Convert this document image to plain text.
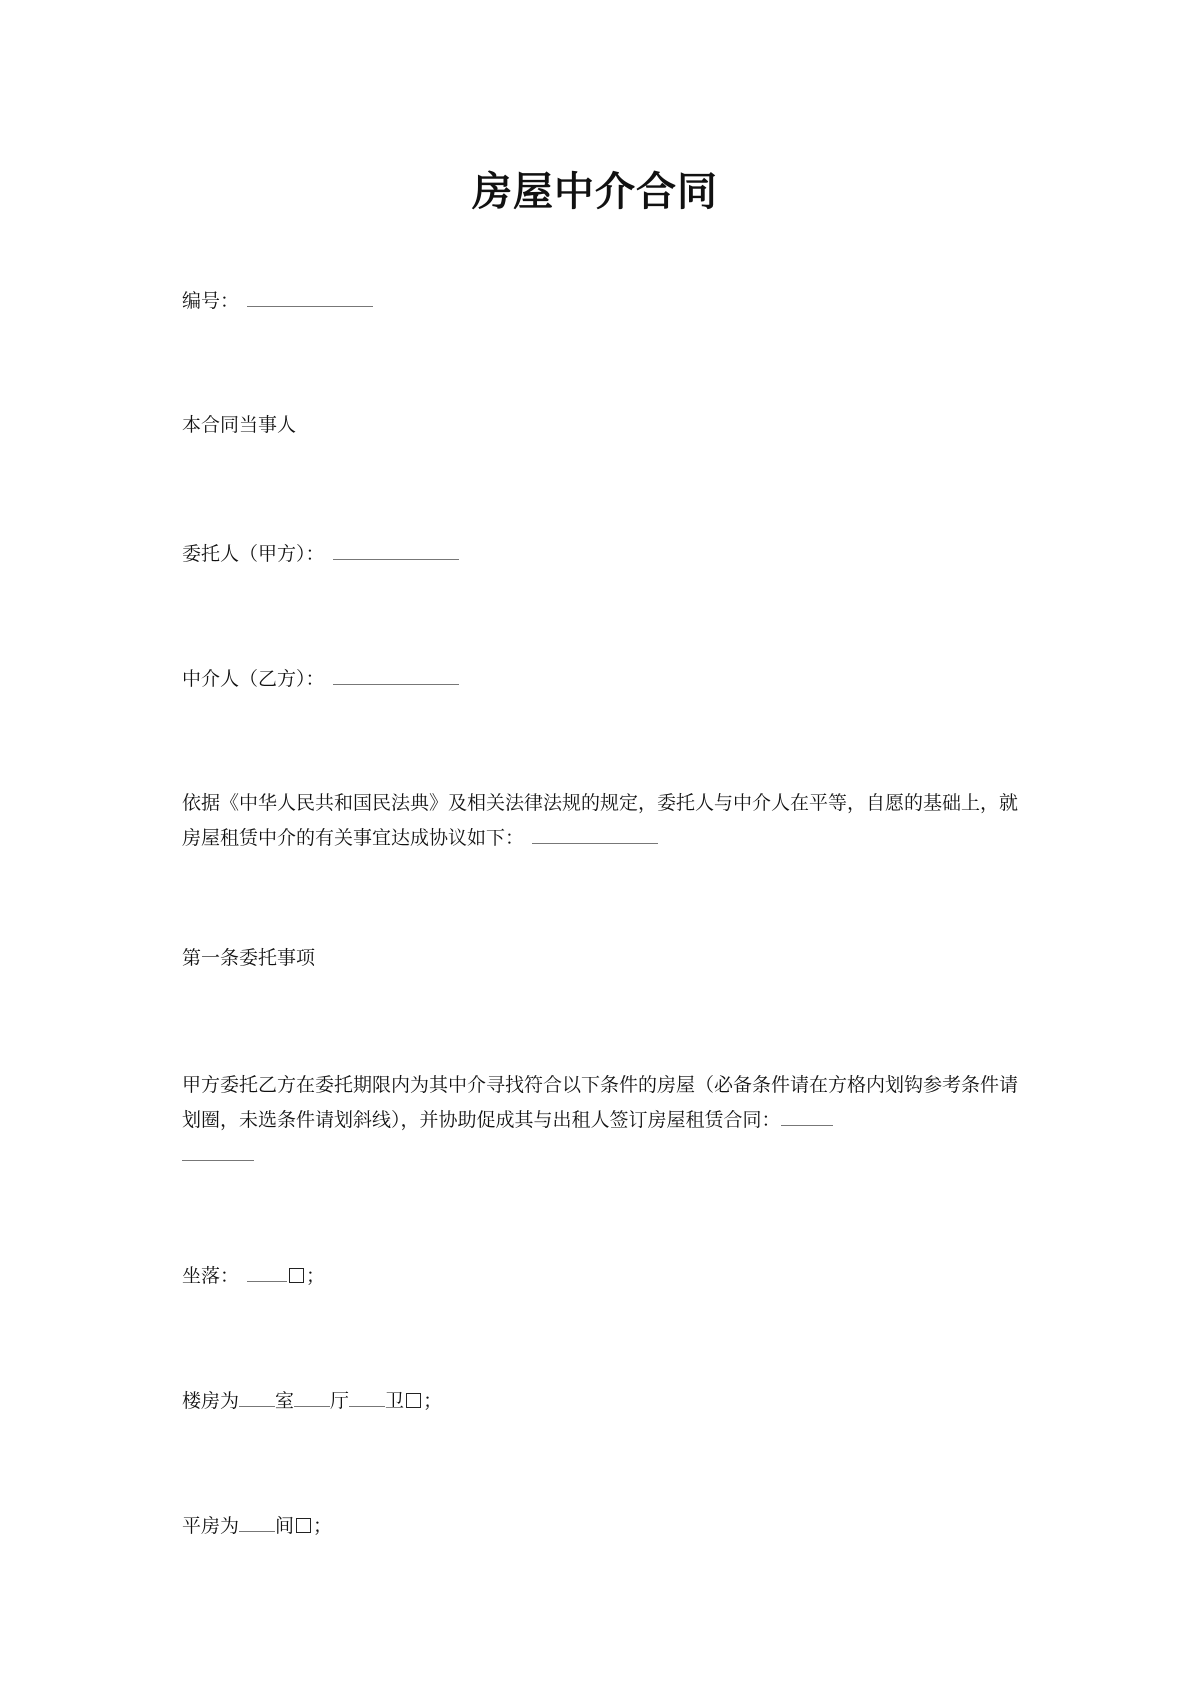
房屋中介合同
编号：
本合同当事人
委托人（甲方）：
中介人（乙方）：
依据《中华人民共和国民法典》及相关法律法规的规定，委托人与中介人在平等，自愿的基础上，就房屋租赁中介的有关事宜达成协议如下：
第一条委托事项
甲方委托乙方在委托期限内为其中介寻找符合以下条件的房屋（必备条件请在方格内划钩参考条件请划圈，未选条件请划斜线），并协助促成其与出租人签订房屋租赁合同：

坐落：	；
楼房为 室 厅 卫 ；
平房为 间 ；
